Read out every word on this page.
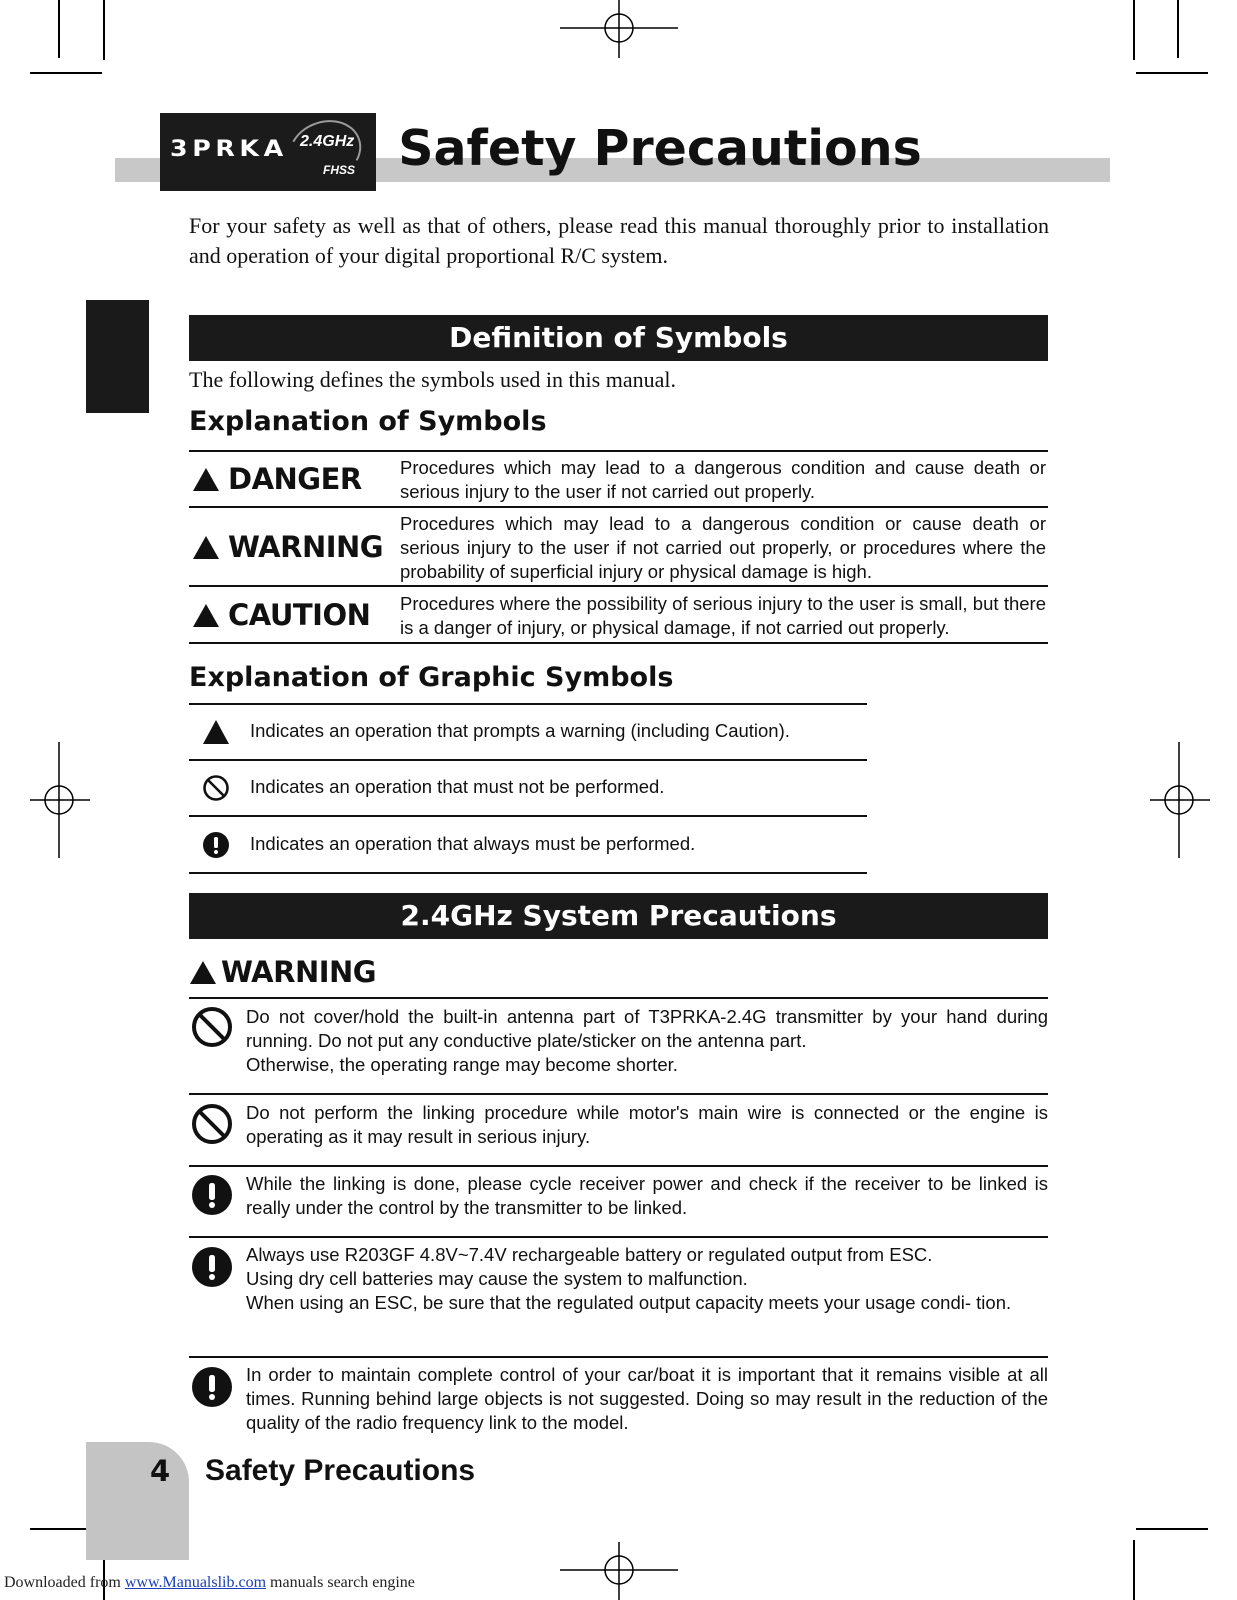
3PRKA 2.4GHz
FHSS Safety Precautions
For your safety as well as that of others, please read this manual thoroughly prior to installation and operation of your digital proportional R/C system.
Definition of Symbols
The following defines the symbols used in this manual.
Explanation of Symbols
DANGER Procedures which may lead to a dangerous condition and cause death or serious injury to the user if not carried out properly.
WARNING
Procedures which may lead to a dangerous condition or cause death or serious injury to the user if not carried out properly, or procedures where the probability of superficial injury or physical damage is high.
CAUTION Procedures where the possibility of serious injury to the user is small, but there is a danger of injury, or physical damage, if not carried out properly.
Explanation of Graphic Symbols
Indicates an operation that prompts a warning (including Caution).
Indicates an operation that must not be performed.
Indicates an operation that always must be performed.
2.4GHz System Precautions
WARNING
Do not cover/hold the built-in antenna part of T3PRKA-2.4G transmitter by your hand during running. Do not put any conductive plate/sticker on the antenna part.
Otherwise, the operating range may become shorter.
Do not perform the linking procedure while motor's main wire is connected or the engine is operating as it may result in serious injury.
While the linking is done, please cycle receiver power and check if the receiver to be linked is really under the control by the transmitter to be linked.
Always use R203GF 4.8V~7.4V rechargeable battery or regulated output from ESC.
Using dry cell batteries may cause the system to malfunction.
When using an ESC, be sure that the regulated output capacity meets your usage condi- tion.
In order to maintain complete control of your car/boat it is important that it remains visible at all times. Running behind large objects is not suggested. Doing so may result in the reduction of the quality of the radio frequency link to the model.
4 Safety Precautions
Downloaded from www.Manualslib.com manuals search engine
